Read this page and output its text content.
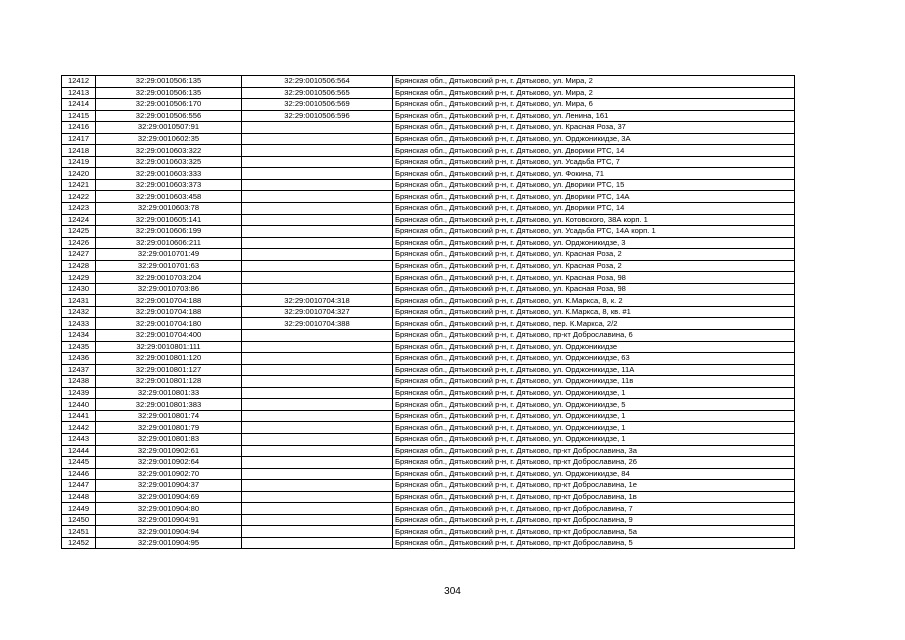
12412	32:29:0010506:135	32:29:0010506:564	Брянская обл., Дятьковский р-н, г. Дятьково, ул. Мира, 2
12413	32:29:0010506:135	32:29:0010506:565	Брянская обл., Дятьковский р-н, г. Дятьково, ул. Мира, 2
12414	32:29:0010506:170	32:29:0010506:569	Брянская обл., Дятьковский р-н, г. Дятьково, ул. Мира, 6
12415	32:29:0010506:556	32:29:0010506:596	Брянская обл., Дятьковский р-н, г. Дятьково, ул. Ленина, 161
12416	32:29:0010507:91		Брянская обл., Дятьковский р-н, г. Дятьково, ул. Красная Роза, 37
12417	32:29:0010602:35		Брянская обл., Дятьковский р-н, г. Дятьково, ул. Орджоникидзе, 3А
12418	32:29:0010603:322		Брянская обл., Дятьковский р-н, г. Дятьково, ул. Дворики РТС, 14
12419	32:29:0010603:325		Брянская обл., Дятьковский р-н, г. Дятьково, ул. Усадьба РТС, 7
12420	32:29:0010603:333		Брянская обл., Дятьковский р-н, г. Дятьково, ул. Фокина, 71
12421	32:29:0010603:373		Брянская обл., Дятьковский р-н, г. Дятьково, ул. Дворики РТС, 15
12422	32:29:0010603:458		Брянская обл., Дятьковский р-н, г. Дятьково, ул. Дворики РТС, 14А
12423	32:29:0010603:78		Брянская обл., Дятьковский р-н, г. Дятьково, ул. Дворики РТС, 14
12424	32:29:0010605:141		Брянская обл., Дятьковский р-н, г. Дятьково, ул. Котовского, 38А корп. 1
12425	32:29:0010606:199		Брянская обл., Дятьковский р-н, г. Дятьково, ул. Усадьба РТС, 14А корп. 1
12426	32:29:0010606:211		Брянская обл., Дятьковский р-н, г. Дятьково, ул. Орджоникидзе, 3
12427	32:29:0010701:49		Брянская обл., Дятьковский р-н, г. Дятьково, ул. Красная Роза, 2
12428	32:29:0010701:63		Брянская обл., Дятьковский р-н, г. Дятьково, ул. Красная Роза, 2
12429	32:29:0010703:204		Брянская обл., Дятьковский р-н, г. Дятьково, ул. Красная Роза, 98
12430	32:29:0010703:86		Брянская обл., Дятьковский р-н, г. Дятьково, ул. Красная Роза, 98
12431	32:29:0010704:188	32:29:0010704:318	Брянская обл., Дятьковский р-н, г. Дятьково, ул. К.Маркса, 8, к. 2
12432	32:29:0010704:188	32:29:0010704:327	Брянская обл., Дятьковский р-н, г. Дятьково, ул. К.Маркса, 8, кв. #1
12433	32:29:0010704:180	32:29:0010704:388	Брянская обл., Дятьковский р-н, г. Дятьково, пер. К.Маркса, 2/2
12434	32:29:0010704:400		Брянская обл., Дятьковский р-н, г. Дятьково, пр-кт Доброславина, 6
12435	32:29:0010801:111		Брянская обл., Дятьковский р-н, г. Дятьково, ул. Орджоникидзе
12436	32:29:0010801:120		Брянская обл., Дятьковский р-н, г. Дятьково, ул. Орджоникидзе, 63
12437	32:29:0010801:127		Брянская обл., Дятьковский р-н, г. Дятьково, ул. Орджоникидзе, 11А
12438	32:29:0010801:128		Брянская обл., Дятьковский р-н, г. Дятьково, ул. Орджоникидзе, 11в
12439	32:29:0010801:33		Брянская обл., Дятьковский р-н, г. Дятьково, ул. Орджоникидзе, 1
12440	32:29:0010801:383		Брянская обл., Дятьковский р-н, г. Дятьково, ул. Орджоникидзе, 5
12441	32:29:0010801:74		Брянская обл., Дятьковский р-н, г. Дятьково, ул. Орджоникидзе, 1
12442	32:29:0010801:79		Брянская обл., Дятьковский р-н, г. Дятьково, ул. Орджоникидзе, 1
12443	32:29:0010801:83		Брянская обл., Дятьковский р-н, г. Дятьково, ул. Орджоникидзе, 1
12444	32:29:0010902:61		Брянская обл., Дятьковский р-н, г. Дятьково, пр-кт Доброславина, 3а
12445	32:29:0010902:64		Брянская обл., Дятьковский р-н, г. Дятьково, пр-кт Доброславина, 26
12446	32:29:0010902:70		Брянская обл., Дятьковский р-н, г. Дятьково, ул. Орджоникидзе, 84
12447	32:29:0010904:37		Брянская обл., Дятьковский р-н, г. Дятьково, пр-кт Доброславина, 1е
12448	32:29:0010904:69		Брянская обл., Дятьковский р-н, г. Дятьково, пр-кт Доброславина, 1в
12449	32:29:0010904:80		Брянская обл., Дятьковский р-н, г. Дятьково, пр-кт Доброславина, 7
12450	32:29:0010904:91		Брянская обл., Дятьковский р-н, г. Дятьково, пр-кт Доброславина, 9
12451	32:29:0010904:94		Брянская обл., Дятьковский р-н, г. Дятьково, пр-кт Доброславина, 5а
12452	32:29:0010904:95		Брянская обл., Дятьковский р-н, г. Дятьково, пр-кт Доброславина, 5
304
